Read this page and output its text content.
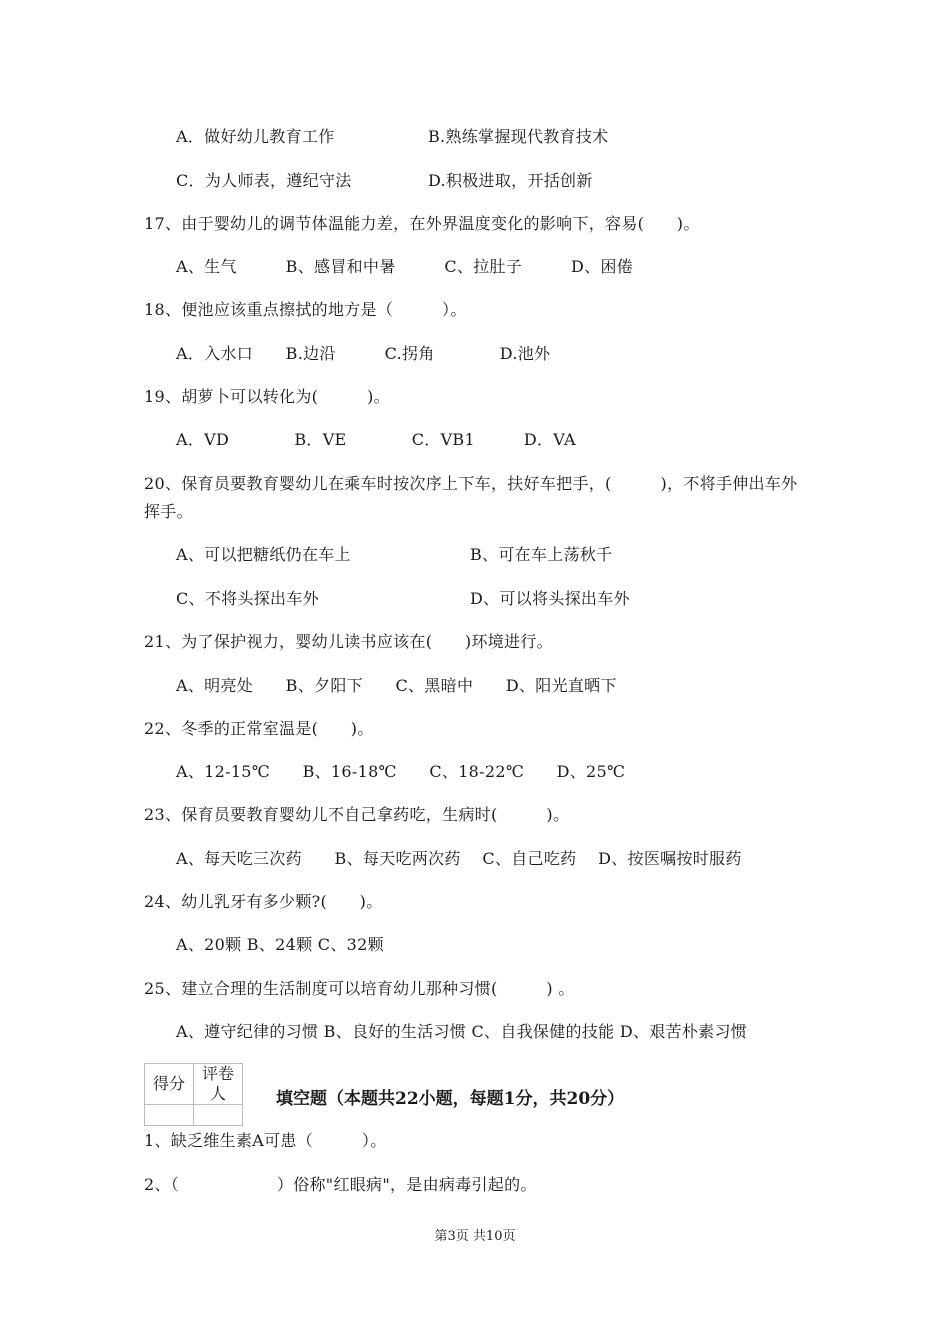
A．做好幼儿教育工作	B.熟练掌握现代教育技术
C．为人师表，遵纪守法	D.积极进取，开括创新
17、由于婴幼儿的调节体温能力差，在外界温度变化的影响下，容易(　　)。
A、生气　　　B、感冒和中暑　　　C、拉肚子　　　D、困倦
18、便池应该重点擦拭的地方是（　　　）。
A．入水口　　B.边沿　　　C.拐角　　　　D.池外
19、胡萝卜可以转化为(　　　)。
A．VD　　　　B．VE　　　　C．VB1　　　D．VA
20、保育员要教育婴幼儿在乘车时按次序上下车，扶好车把手，(　　　)，不将手伸出车外
挥手。
A、可以把糖纸仍在车上	B、可在车上荡秋千
C、不将头探出车外	D、可以将头探出车外
21、为了保护视力，婴幼儿读书应该在(　　)环境进行。
A、明亮处　　B、夕阳下　　C、黑暗中　　D、阳光直晒下
22、冬季的正常室温是(　　)。
A、12-15℃　　B、16-18℃　　C、18-22℃　　D、25℃
23、保育员要教育婴幼儿不自己拿药吃，生病时(　　　)。
A、每天吃三次药　　B、每天吃两次药　 C、自己吃药　 D、按医嘱按时服药
24、幼儿乳牙有多少颗?(　　)。
A、20颗 B、24颗 C、32颗
25、建立合理的生活制度可以培育幼儿那种习惯(　　　) 。
A、遵守纪律的习惯 B、良好的生活习惯 C、自我保健的技能 D、艰苦朴素习惯
得分	评卷人
		填空题（本题共22小题，每题1分，共20分）
1、缺乏维生素A可患（　　　）。
2、（　　　　　　）俗称"红眼病"，是由病毒引起的。
第3页 共10页
